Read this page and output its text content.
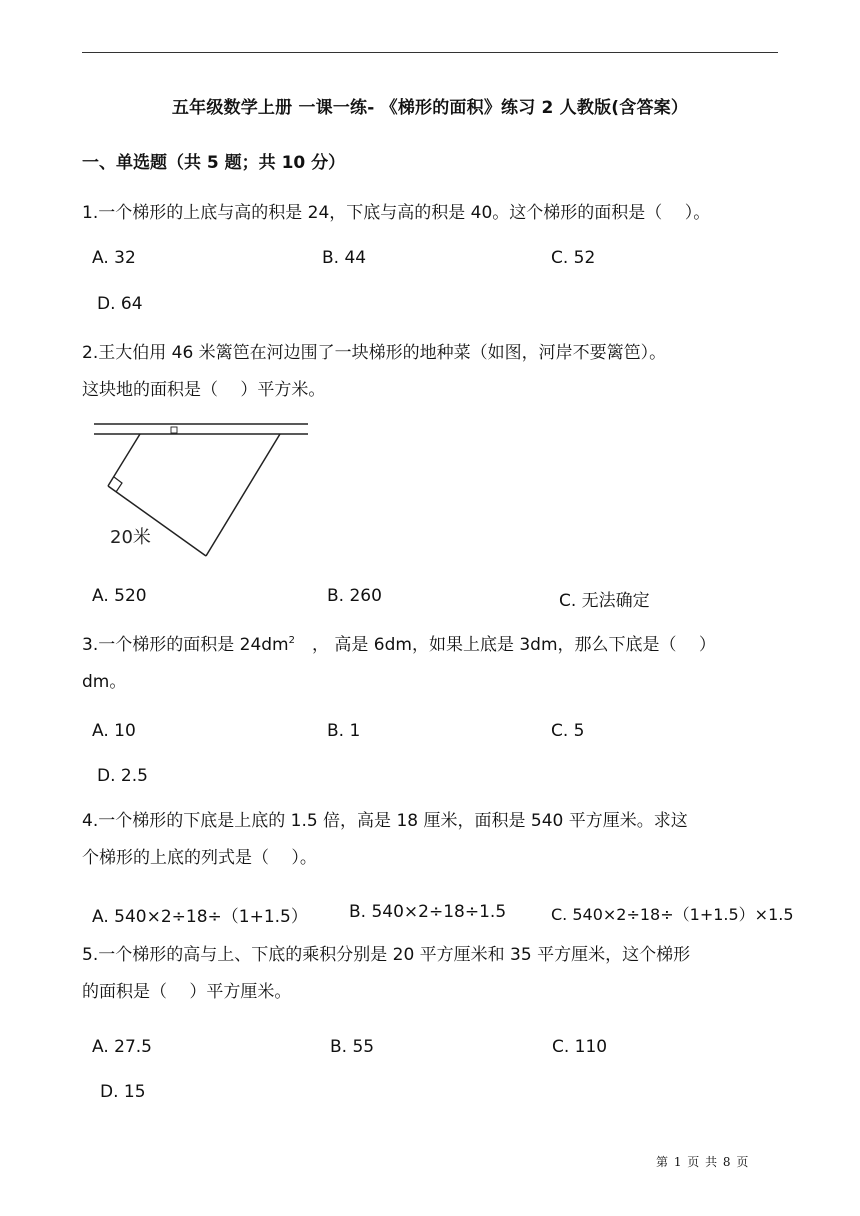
五年级数学上册 一课一练- 《梯形的面积》练习 2 人教版(含答案）
一、单选题（共 5 题；共 10 分）
1.一个梯形的上底与高的积是 24，下底与高的积是 40。这个梯形的面积是（　 ）。
A. 32	B. 44	C. 52
D. 64
2.王大伯用 46 米篱笆在河边围了一块梯形的地种菜（如图，河岸不要篱笆）。
这块地的面积是（　 ）平方米。
20米
A. 520	B. 260	C. 无法确定
3.一个梯形的面积是 $24dm^2$　， 高是 6dm，如果上底是 3dm，那么下底是（　 ）
dm。
A. 10	B. 1	C. 5
D. 2.5
4.一个梯形的下底是上底的 1.5 倍，高是 18 厘米，面积是 540 平方厘米。求这
个梯形的上底的列式是（　 ）。
A. 540×2÷18÷（1+1.5） B. 540×2÷18÷1.5	C. 540×2÷18÷（1+1.5）×1.5
5.一个梯形的高与上、下底的乘积分别是 20 平方厘米和 35 平方厘米，这个梯形
的面积是（　 ）平方厘米。
A. 27.5	B. 55	C. 110
D. 15
第 1 页 共 8 页
